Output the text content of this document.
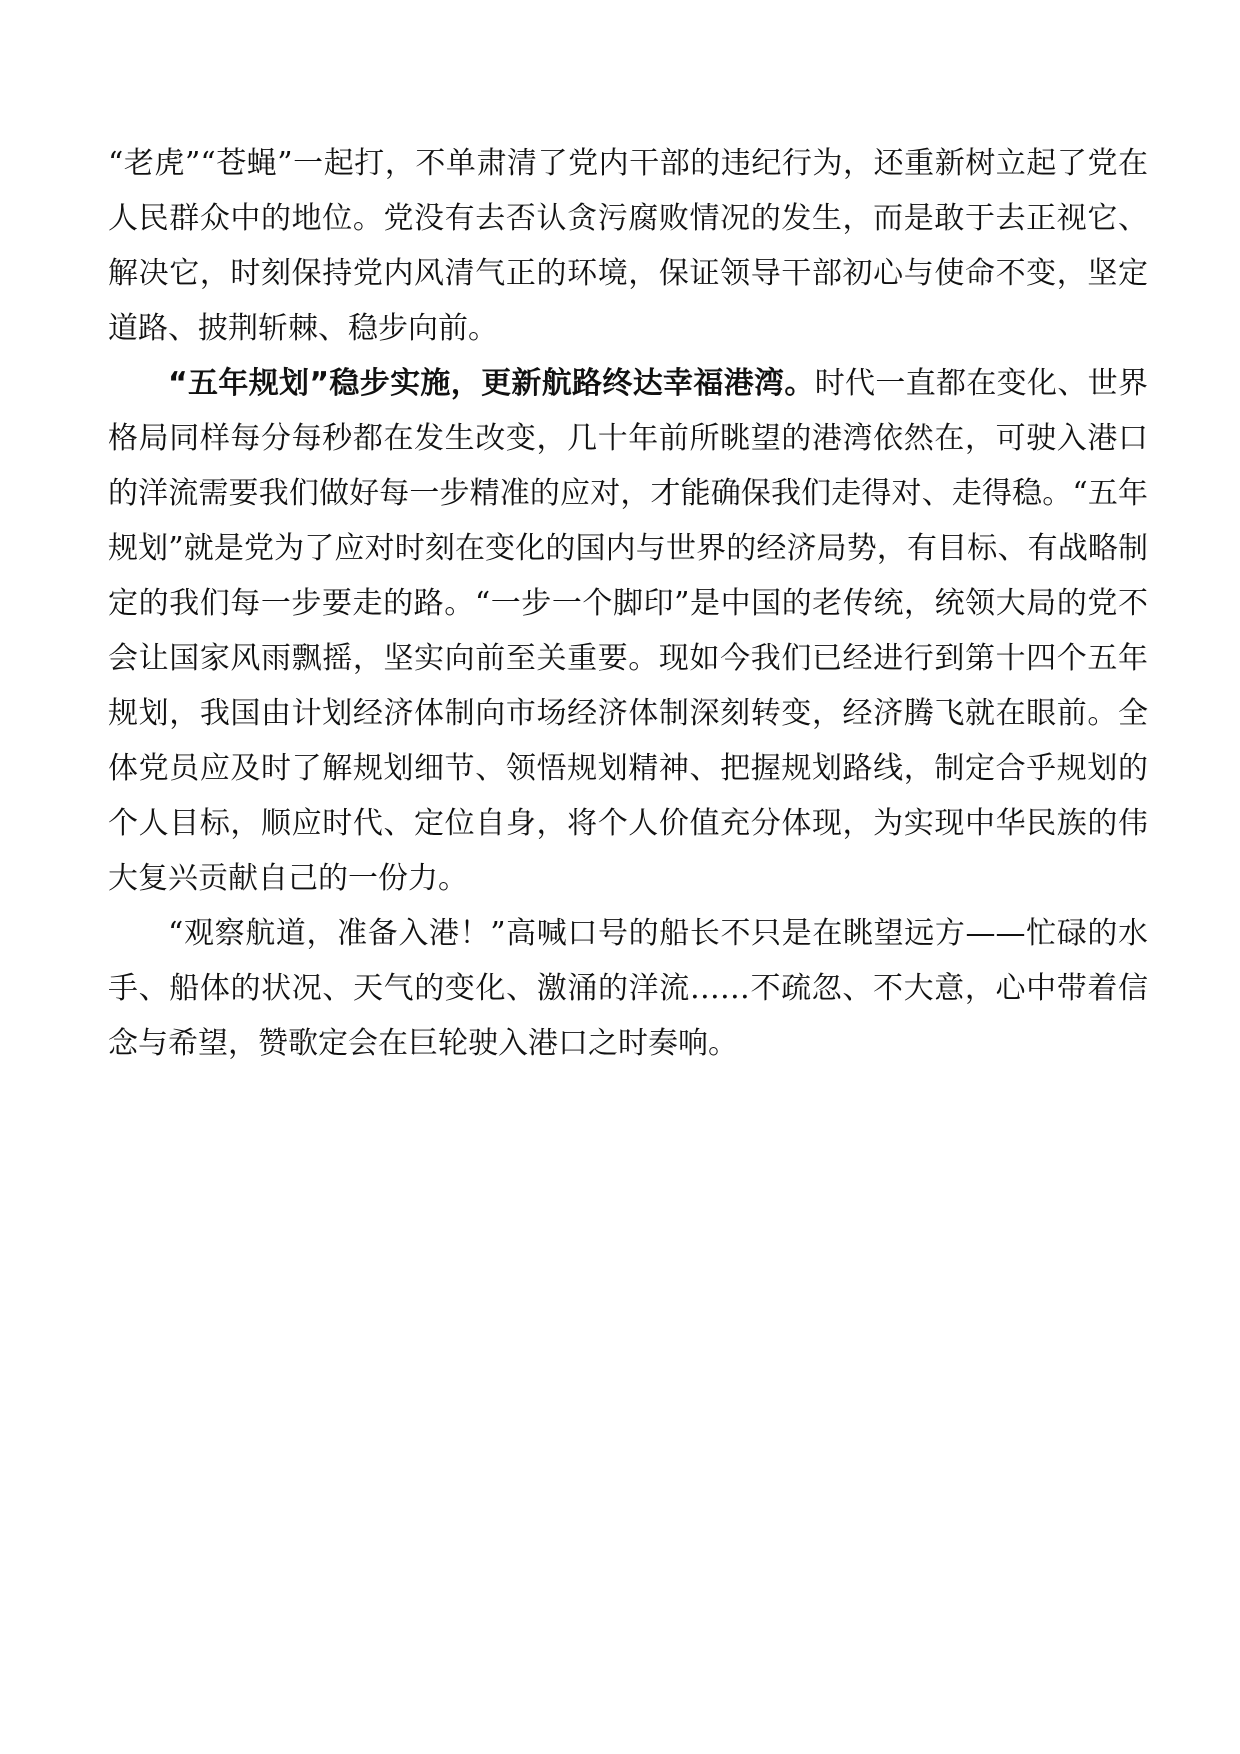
“老虎”“苍蝇”一起打，不单肃清了党内干部的违纪行为，还重新树立起了党在人民群众中的地位。党没有去否认贪污腐败情况的发生，而是敢于去正视它、解决它，时刻保持党内风清气正的环境，保证领导干部初心与使命不变，坚定道路、披荆斩棘、稳步向前。

“五年规划”稳步实施，更新航路终达幸福港湾。时代一直都在变化、世界格局同样每分每秒都在发生改变，几十年前所眺望的港湾依然在，可驶入港口的洋流需要我们做好每一步精准的应对，才能确保我们走得对、走得稳。“五年规划”就是党为了应对时刻在变化的国内与世界的经济局势，有目标、有战略制定的我们每一步要走的路。“一步一个脚印”是中国的老传统，统领大局的党不会让国家风雨飘摇，坚实向前至关重要。现如今我们已经进行到第十四个五年规划，我国由计划经济体制向市场经济体制深刻转变，经济腾飞就在眼前。全体党员应及时了解规划细节、领悟规划精神、把握规划路线，制定合乎规划的个人目标，顺应时代、定位自身，将个人价值充分体现，为实现中华民族的伟大复兴贡献自己的一份力。

“观察航道，准备入港！”高喊口号的船长不只是在眺望远方——忙碌的水手、船体的状况、天气的变化、激涌的洋流……不疏忽、不大意，心中带着信念与希望，赞歌定会在巨轮驶入港口之时奏响。
